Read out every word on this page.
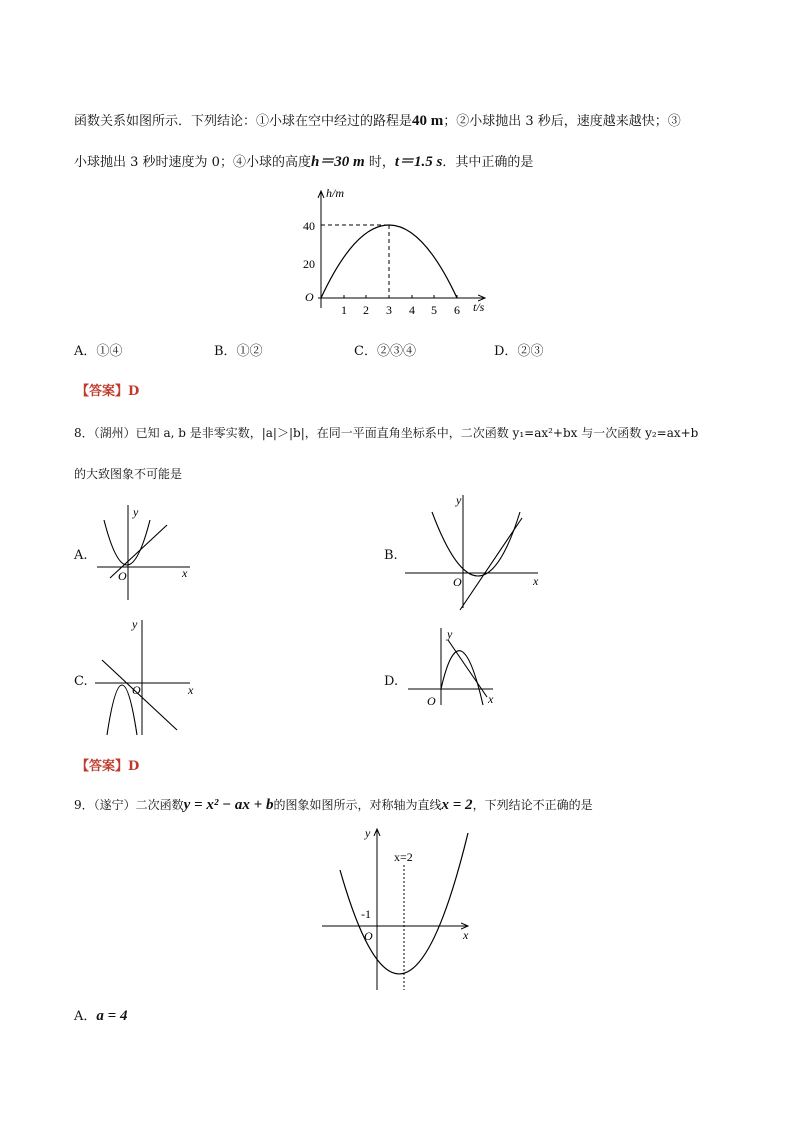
函数关系如图所示．下列结论：①小球在空中经过的路程是40 m；②小球抛出 3 秒后，速度越来越快；③
小球抛出 3 秒时速度为 0；④小球的高度h＝30 m 时，t＝1.5 s．其中正确的是
h/m
t/s
O
40
20
1 2 3 4 5 6
A．①④	B．①②	C．②③④	D．②③
【答案】D
8．（湖州）已知 a, b 是非零实数，|a|＞|b|，在同一平面直角坐标系中，二次函数 y₁=ax²+bx 与一次函数 y₂=ax+b
的大致图象不可能是
A.
y
x
O
B.
y
x
O
C.
y
x
O
D.
y
x
O
【答案】D
9．（遂宁）二次函数y = x² − ax + b的图象如图所示，对称轴为直线x = 2，下列结论不正确的是
x=2
y
x
O
-1
A．a = 4
